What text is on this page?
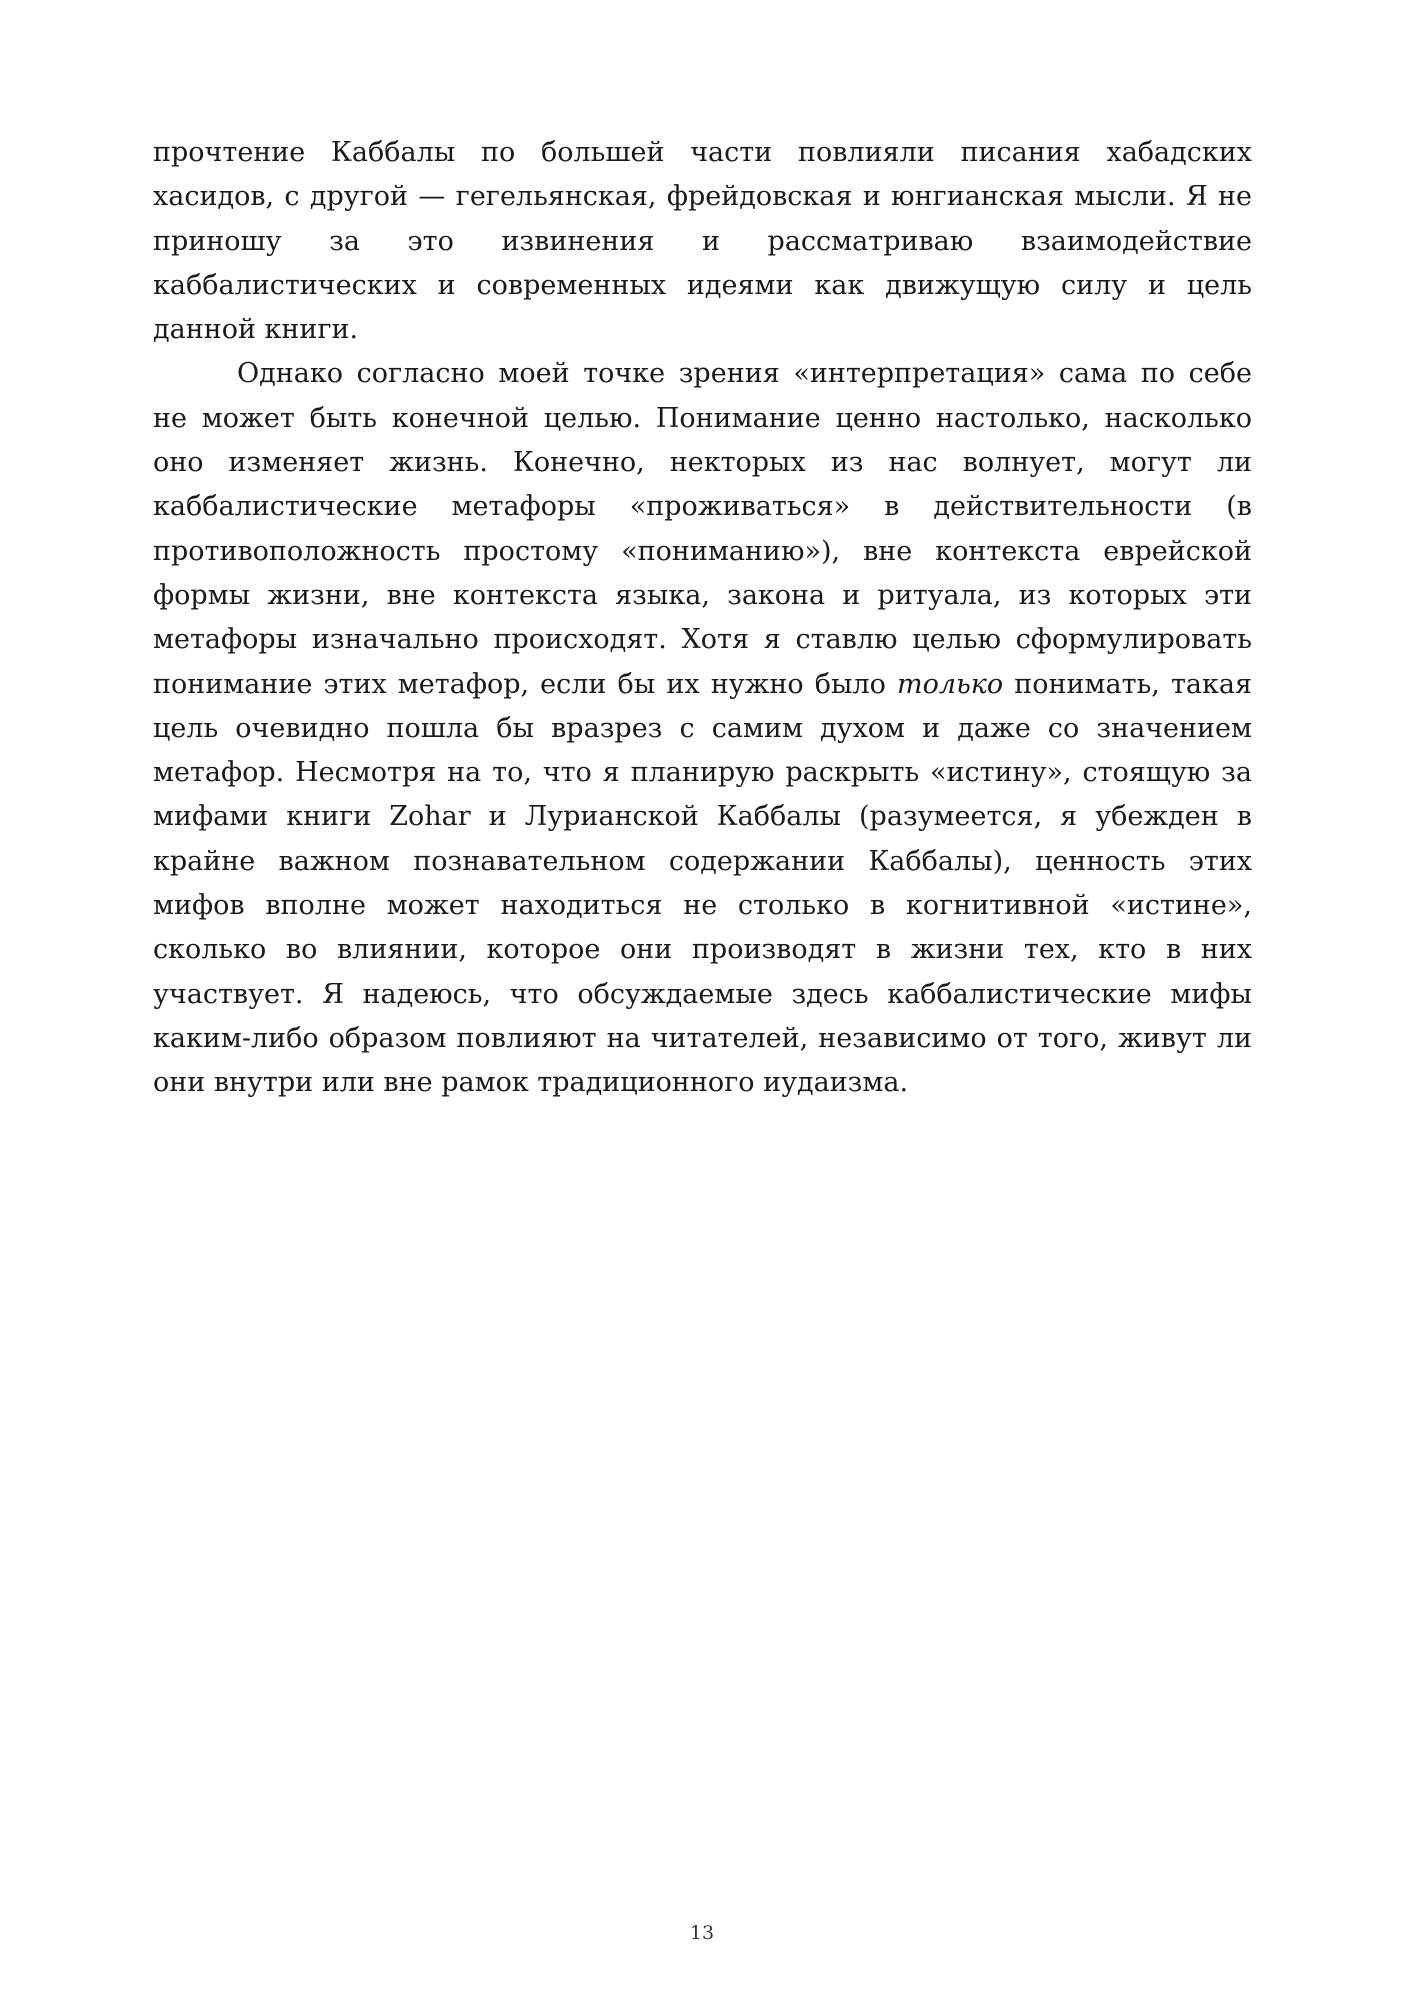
прочтение Каббалы по большей части повлияли писания хабадских хасидов, с другой — гегельянская, фрейдовская и юнгианская мысли. Я не приношу за это извинения и рассматриваю взаимодействие каббалистических и современных идеями как движущую силу и цель данной книги.

Однако согласно моей точке зрения «интерпретация» сама по себе не может быть конечной целью. Понимание ценно настолько, насколько оно изменяет жизнь. Конечно, некторых из нас волнует, могут ли каббалистические метафоры «проживаться» в действительности (в противоположность простому «пониманию»), вне контекста еврейской формы жизни, вне контекста языка, закона и ритуала, из которых эти метафоры изначально происходят. Хотя я ставлю целью сформулировать понимание этих метафор, если бы их нужно было только понимать, такая цель очевидно пошла бы вразрез с самим духом и даже со значением метафор. Несмотря на то, что я планирую раскрыть «истину», стоящую за мифами книги Zohar и Лурианской Каббалы (разумеется, я убежден в крайне важном познавательном содержании Каббалы), ценность этих мифов вполне может находиться не столько в когнитивной «истине», сколько во влиянии, которое они производят в жизни тех, кто в них участвует. Я надеюсь, что обсуждаемые здесь каббалистические мифы каким-либо образом повлияют на читателей, независимо от того, живут ли они внутри или вне рамок традиционного иудаизма.

13
